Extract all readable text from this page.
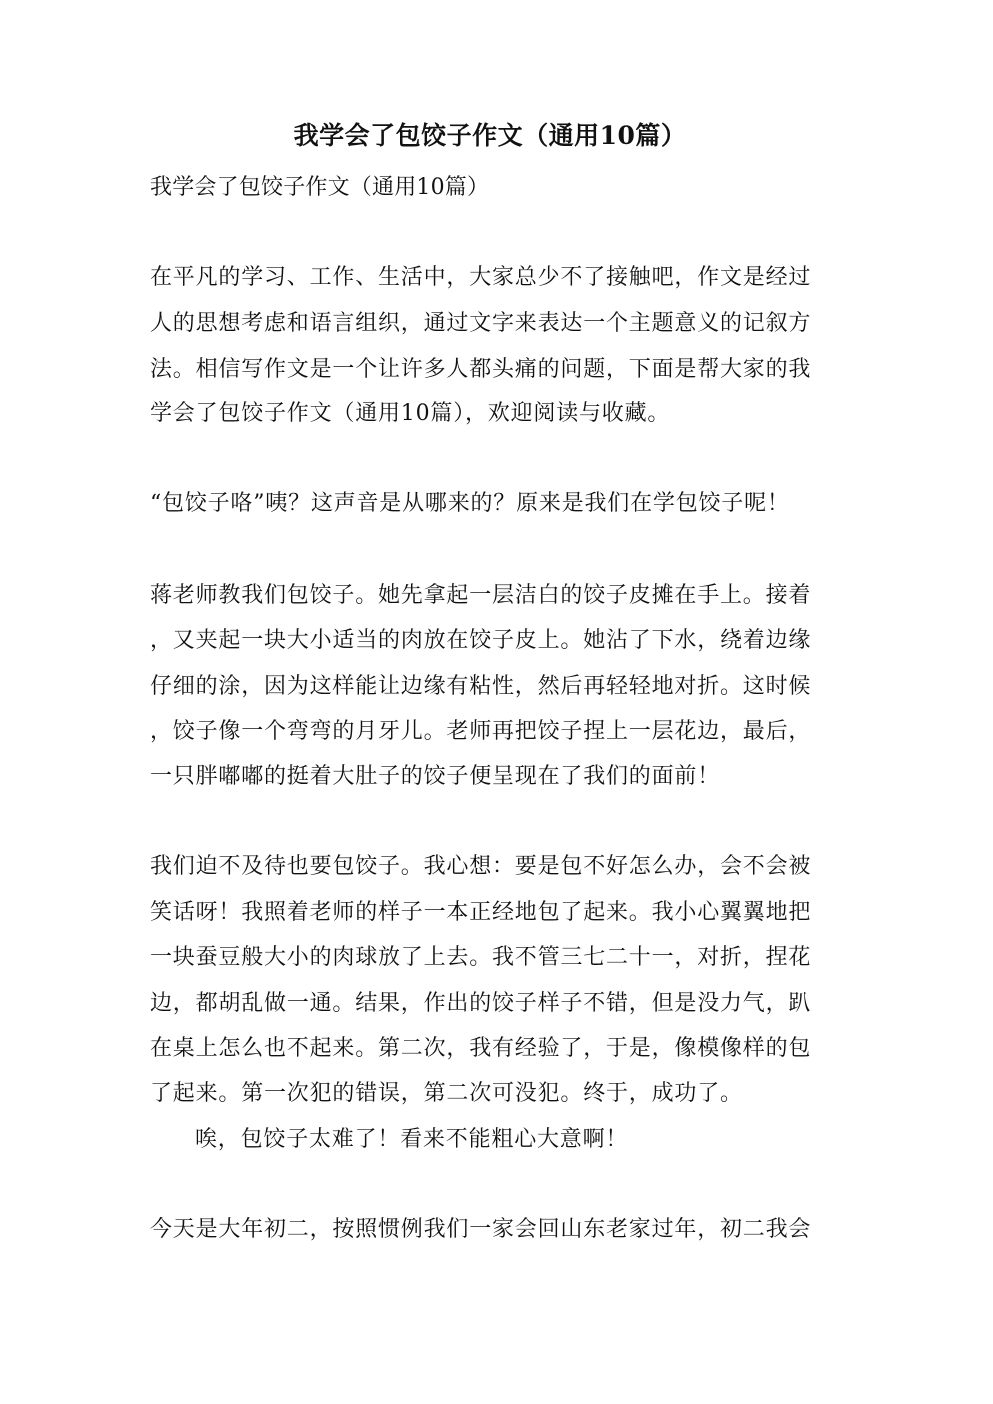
我学会了包饺子作文（通用10篇）
我学会了包饺子作文（通用10篇）
在平凡的学习、工作、生活中，大家总少不了接触吧，作文是经过
人的思想考虑和语言组织，通过文字来表达一个主题意义的记叙方
法。相信写作文是一个让许多人都头痛的问题，下面是帮大家的我
学会了包饺子作文（通用10篇），欢迎阅读与收藏。
“包饺子咯”咦？这声音是从哪来的？原来是我们在学包饺子呢！
蒋老师教我们包饺子。她先拿起一层洁白的饺子皮摊在手上。接着
，又夹起一块大小适当的肉放在饺子皮上。她沾了下水，绕着边缘
仔细的涂，因为这样能让边缘有粘性，然后再轻轻地对折。这时候
，饺子像一个弯弯的月牙儿。老师再把饺子捏上一层花边，最后，
一只胖嘟嘟的挺着大肚子的饺子便呈现在了我们的面前！
我们迫不及待也要包饺子。我心想：要是包不好怎么办，会不会被
笑话呀！我照着老师的样子一本正经地包了起来。我小心翼翼地把
一块蚕豆般大小的肉球放了上去。我不管三七二十一，对折，捏花
边，都胡乱做一通。结果，作出的饺子样子不错，但是没力气，趴
在桌上怎么也不起来。第二次，我有经验了，于是，像模像样的包
了起来。第一次犯的错误，第二次可没犯。终于，成功了。
唉，包饺子太难了！看来不能粗心大意啊！
今天是大年初二，按照惯例我们一家会回山东老家过年，初二我会
